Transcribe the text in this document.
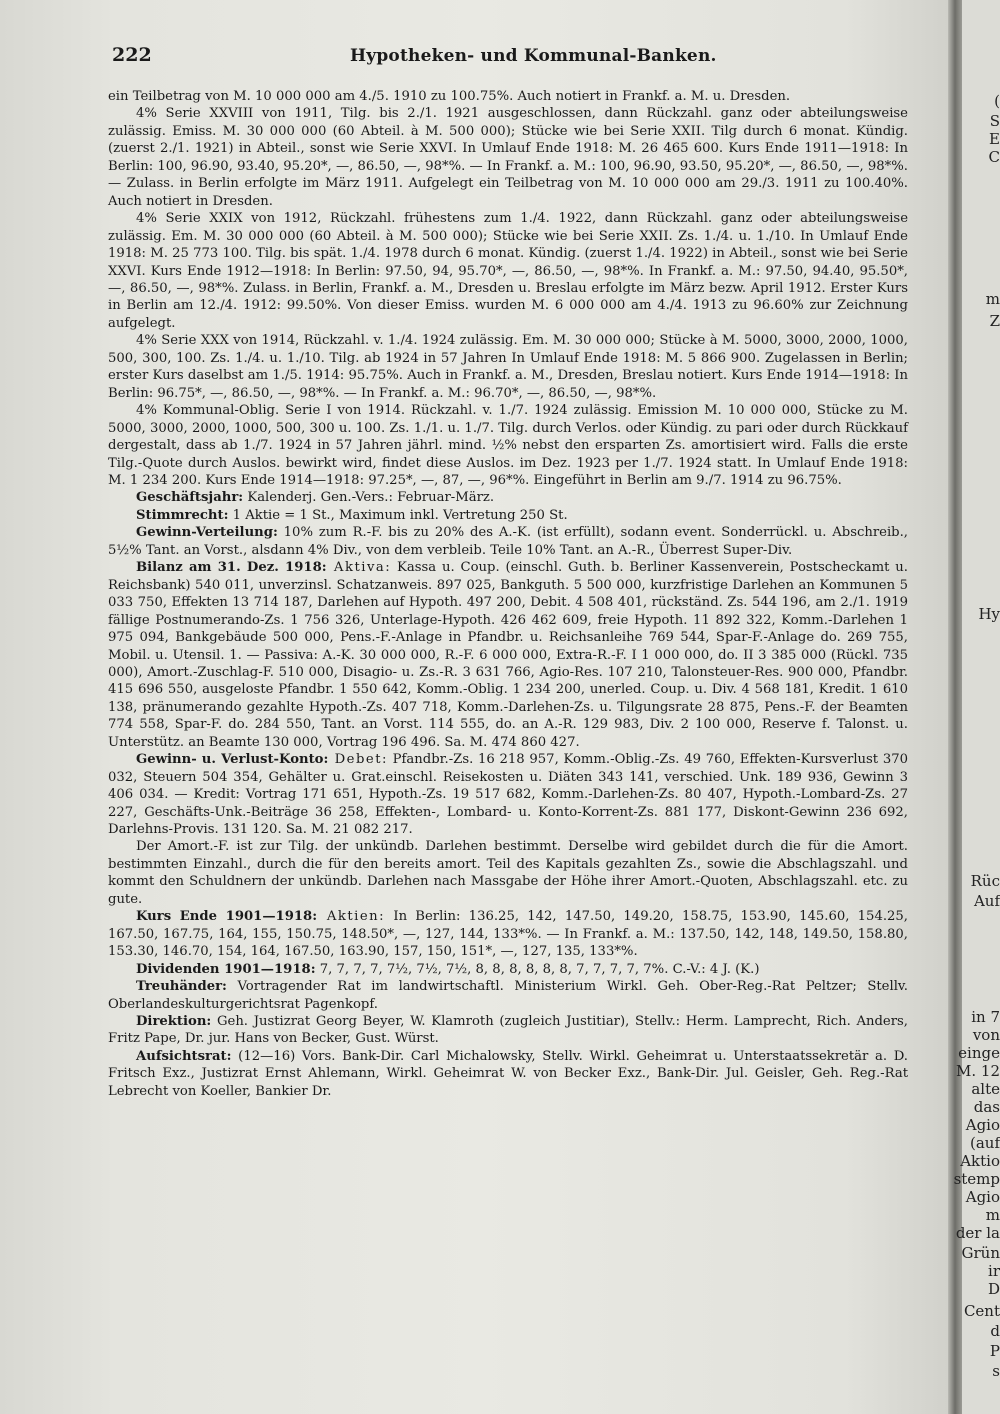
222	Hypotheken- und Kommunal-Banken.

ein Teilbetrag von M. 10 000 000 am 4./5. 1910 zu 100.75%. Auch notiert in Frankf. a. M. u. Dresden.

4% Serie XXVIII von 1911, Tilg. bis 2./1. 1921 ausgeschlossen, dann Rückzahl. ganz oder abteilungsweise zulässig. Emiss. M. 30 000 000 (60 Abteil. à M. 500 000); Stücke wie bei Serie XXII. Tilg durch 6 monat. Kündig. (zuerst 2./1. 1921) in Abteil., sonst wie Serie XXVI. In Umlauf Ende 1918: M. 26 465 600. Kurs Ende 1911—1918: In Berlin: 100, 96.90, 93.40, 95.20*, —, 86.50, —, 98*%. — In Frankf. a. M.: 100, 96.90, 93.50, 95.20*, —, 86.50, —, 98*%. — Zulass. in Berlin erfolgte im März 1911. Aufgelegt ein Teilbetrag von M. 10 000 000 am 29./3. 1911 zu 100.40%. Auch notiert in Dresden.

4% Serie XXIX von 1912, Rückzahl. frühestens zum 1./4. 1922, dann Rückzahl. ganz oder abteilungsweise zulässig. Em. M. 30 000 000 (60 Abteil. à M. 500 000); Stücke wie bei Serie XXII. Zs. 1./4. u. 1./10. In Umlauf Ende 1918: M. 25 773 100. Tilg. bis spät. 1./4. 1978 durch 6 monat. Kündig. (zuerst 1./4. 1922) in Abteil., sonst wie bei Serie XXVI. Kurs Ende 1912—1918: In Berlin: 97.50, 94, 95.70*, —, 86.50, —, 98*%. In Frankf. a. M.: 97.50, 94.40, 95.50*, —, 86.50, —, 98*%. Zulass. in Berlin, Frankf. a. M., Dresden u. Breslau erfolgte im März bezw. April 1912. Erster Kurs in Berlin am 12./4. 1912: 99.50%. Von dieser Emiss. wurden M. 6 000 000 am 4./4. 1913 zu 96.60% zur Zeichnung aufgelegt.

4% Serie XXX von 1914, Rückzahl. v. 1./4. 1924 zulässig. Em. M. 30 000 000; Stücke à M. 5000, 3000, 2000, 1000, 500, 300, 100. Zs. 1./4. u. 1./10. Tilg. ab 1924 in 57 Jahren In Umlauf Ende 1918: M. 5 866 900. Zugelassen in Berlin; erster Kurs daselbst am 1./5. 1914: 95.75%. Auch in Frankf. a. M., Dresden, Breslau notiert. Kurs Ende 1914—1918: In Berlin: 96.75*, —, 86.50, —, 98*%. — In Frankf. a. M.: 96.70*, —, 86.50, —, 98*%.

4% Kommunal-Oblig. Serie I von 1914. Rückzahl. v. 1./7. 1924 zulässig. Emission M. 10 000 000, Stücke zu M. 5000, 3000, 2000, 1000, 500, 300 u. 100. Zs. 1./1. u. 1./7. Tilg. durch Verlos. oder Kündig. zu pari oder durch Rückkauf dergestalt, dass ab 1./7. 1924 in 57 Jahren jährl. mind. ½% nebst den ersparten Zs. amortisiert wird. Falls die erste Tilg.-Quote durch Auslos. bewirkt wird, findet diese Auslos. im Dez. 1923 per 1./7. 1924 statt. In Umlauf Ende 1918: M. 1 234 200. Kurs Ende 1914—1918: 97.25*, —, 87, —, 96*%. Eingeführt in Berlin am 9./7. 1914 zu 96.75%.

Geschäftsjahr: Kalenderj. Gen.-Vers.: Februar-März.

Stimmrecht: 1 Aktie = 1 St., Maximum inkl. Vertretung 250 St.

Gewinn-Verteilung: 10% zum R.-F. bis zu 20% des A.-K. (ist erfüllt), sodann event. Sonderrückl. u. Abschreib., 5½% Tant. an Vorst., alsdann 4% Div., von dem verbleib. Teile 10% Tant. an A.-R., Überrest Super-Div.

Bilanz am 31. Dez. 1918: Aktiva: Kassa u. Coup. (einschl. Guth. b. Berliner Kassenverein, Postscheckamt u. Reichsbank) 540 011, unverzinsl. Schatzanweis. 897 025, Bankguth. 5 500 000, kurzfristige Darlehen an Kommunen 5 033 750, Effekten 13 714 187, Darlehen auf Hypoth. 497 200, Debit. 4 508 401, rückständ. Zs. 544 196, am 2./1. 1919 fällige Postnumerando-Zs. 1 756 326, Unterlage-Hypoth. 426 462 609, freie Hypoth. 11 892 322, Komm.-Darlehen 1 975 094, Bankgebäude 500 000, Pens.-F.-Anlage in Pfandbr. u. Reichsanleihe 769 544, Spar-F.-Anlage do. 269 755, Mobil. u. Utensil. 1. — Passiva: A.-K. 30 000 000, R.-F. 6 000 000, Extra-R.-F. I 1 000 000, do. II 3 385 000 (Rückl. 735 000), Amort.-Zuschlag-F. 510 000, Disagio- u. Zs.-R. 3 631 766, Agio-Res. 107 210, Talonsteuer-Res. 900 000, Pfandbr. 415 696 550, ausgeloste Pfandbr. 1 550 642, Komm.-Oblig. 1 234 200, unerled. Coup. u. Div. 4 568 181, Kredit. 1 610 138, pränumerando gezahlte Hypoth.-Zs. 407 718, Komm.-Darlehen-Zs. u. Tilgungsrate 28 875, Pens.-F. der Beamten 774 558, Spar-F. do. 284 550, Tant. an Vorst. 114 555, do. an A.-R. 129 983, Div. 2 100 000, Reserve f. Talonst. u. Unterstütz. an Beamte 130 000, Vortrag 196 496. Sa. M. 474 860 427.

Gewinn- u. Verlust-Konto: Debet: Pfandbr.-Zs. 16 218 957, Komm.-Oblig.-Zs. 49 760, Effekten-Kursverlust 370 032, Steuern 504 354, Gehälter u. Grat.einschl. Reisekosten u. Diäten 343 141, verschied. Unk. 189 936, Gewinn 3 406 034. — Kredit: Vortrag 171 651, Hypoth.-Zs. 19 517 682, Komm.-Darlehen-Zs. 80 407, Hypoth.-Lombard-Zs. 27 227, Geschäfts-Unk.-Beiträge 36 258, Effekten-, Lombard- u. Konto-Korrent-Zs. 881 177, Diskont-Gewinn 236 692, Darlehns-Provis. 131 120. Sa. M. 21 082 217.

Der Amort.-F. ist zur Tilg. der unkündb. Darlehen bestimmt. Derselbe wird gebildet durch die für die Amort. bestimmten Einzahl., durch die für den bereits amort. Teil des Kapitals gezahlten Zs., sowie die Abschlagszahl. und kommt den Schuldnern der unkündb. Darlehen nach Massgabe der Höhe ihrer Amort.-Quoten, Abschlagszahl. etc. zu gute.

Kurs Ende 1901—1918: Aktien: In Berlin: 136.25, 142, 147.50, 149.20, 158.75, 153.90, 145.60, 154.25, 167.50, 167.75, 164, 155, 150.75, 148.50*, —, 127, 144, 133*%. — In Frankf. a. M.: 137.50, 142, 148, 149.50, 158.80, 153.30, 146.70, 154, 164, 167.50, 163.90, 157, 150, 151*, —, 127, 135, 133*%.

Dividenden 1901—1918: 7, 7, 7, 7, 7½, 7½, 7½, 8, 8, 8, 8, 8, 8, 7, 7, 7, 7, 7%. C.-V.: 4 J. (K.)

Treuhänder: Vortragender Rat im landwirtschaftl. Ministerium Wirkl. Geh. Ober-Reg.-Rat Peltzer; Stellv. Oberlandeskulturgerichtsrat Pagenkopf.

Direktion: Geh. Justizrat Georg Beyer, W. Klamroth (zugleich Justitiar), Stellv.: Herm. Lamprecht, Rich. Anders, Fritz Pape, Dr. jur. Hans von Becker, Gust. Würst.

Aufsichtsrat: (12—16) Vors. Bank-Dir. Carl Michalowsky, Stellv. Wirkl. Geheimrat u. Unterstaatssekretär a. D. Fritsch Exz., Justizrat Ernst Ahlemann, Wirkl. Geheimrat W. von Becker Exz., Bank-Dir. Jul. Geisler, Geh. Reg.-Rat Lebrecht von Koeller, Bankier Dr.

(
S
E
C
m
Z
Hy
Rüc
Auf
in 7
von
einge
M. 12
alte
das
Agio
(auf
Aktio
stemp
Agio
m
der la
Grün
ir
D
Cent
d
P
s
